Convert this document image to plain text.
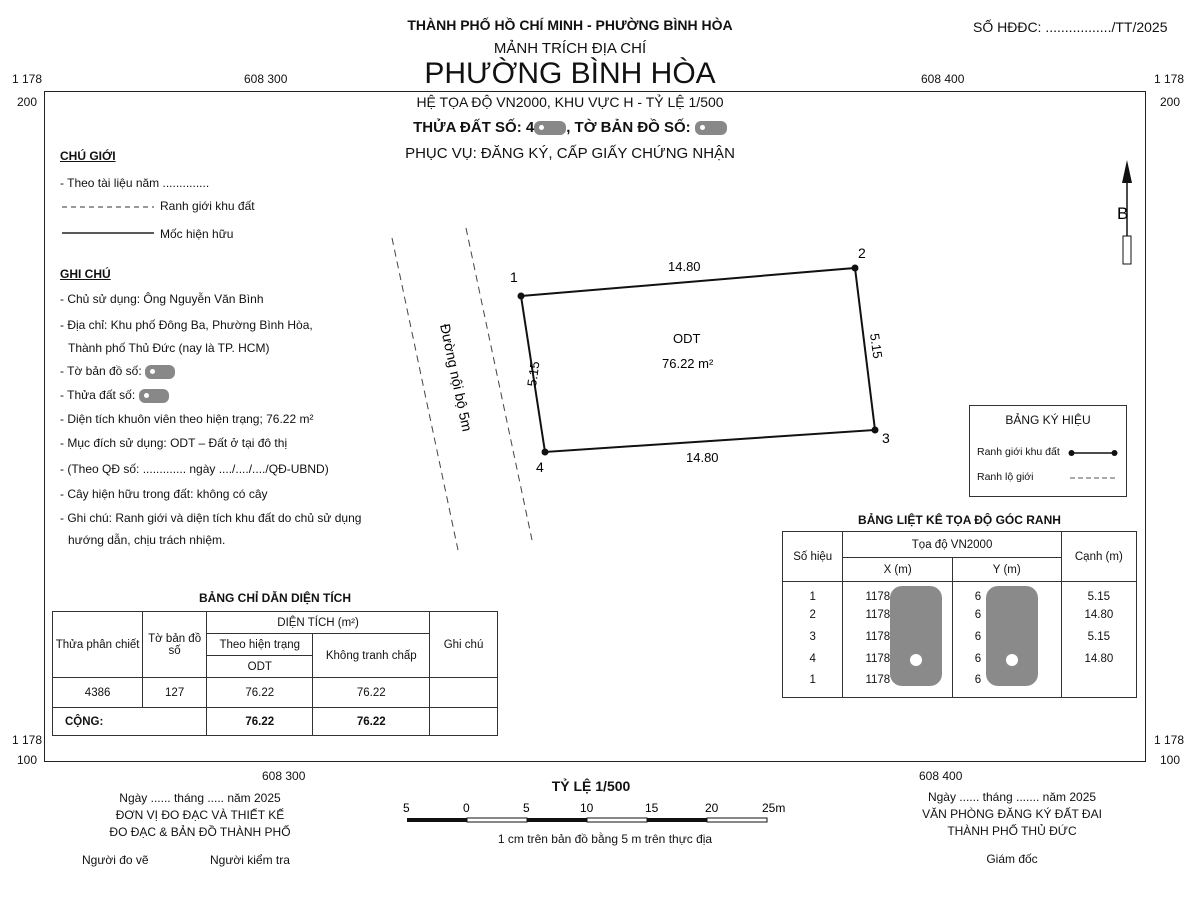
1 178	608 300	608 400	1 178
200	200
1 178	1 178
100	100
608 300	608 400
THÀNH PHỐ HỒ CHÍ MINH - PHƯỜNG BÌNH HÒA
MẢNH TRÍCH ĐỊA CHÍ
PHƯỜNG BÌNH HÒA
HỆ TỌA ĐỘ VN2000, KHU VỰC H - TỶ LỆ 1/500
THỬA ĐẤT SỐ: 4 , TỜ BẢN ĐỒ SỐ:
PHỤC VỤ: ĐĂNG KÝ, CẤP GIẤY CHỨNG NHẬN
SỐ HĐĐC: ................./TT/2025
CHÚ GIỚI
- Theo tài liệu năm ..............
Ranh giới khu đất
Mốc hiện hữu
GHI CHÚ
- Chủ sử dụng: Ông Nguyễn Văn Bình
- Địa chỉ: Khu phố Đông Ba, Phường Bình Hòa,
Thành phố Thủ Đức (nay là TP. HCM)
- Tờ bản đồ số:
- Thửa đất số:
- Diện tích khuôn viên theo hiện trạng; 76.22 m²
- Mục đích sử dụng: ODT – Đất ở tại đô thị
- (Theo QĐ số: ............. ngày ..../..../..../QĐ-UBND)
- Cây hiện hữu trong đất: không có cây
- Ghi chú: Ranh giới và diện tích khu đất do chủ sử dụng
hướng dẫn, chịu trách nhiệm.
1
2
3
4
14.80
5.15
14.80
5.15
ODT
76.22 m²
Đường nội bộ 5m
B
BẢNG KÝ HIỆU
Ranh giới khu đất
Ranh lộ giới
BẢNG LIỆT KÊ TỌA ĐỘ GÓC RANH
Số hiệu	Tọa độ VN2000		Cạnh (m)
	X (m)	Y (m)	
1	1178	6	5.15
2	1178	6	14.80
3	1178	6	5.15
4	1178	6	14.80
1	1178	6	
BẢNG CHỈ DẪN DIỆN TÍCH
Thửa phân chiết	Tờ bản đồ số	DIỆN TÍCH (m²)		Ghi chú
		Theo hiện trạng	Không tranh chấp	
		ODT		
4386	127	76.22	76.22	
CỘNG:		76.22	76.22	
TỶ LỆ 1/500
5	0	5	10	15	20	25m
1 cm trên bản đồ bằng 5 m trên thực địa
Ngày ...... tháng ..... năm 2025
ĐƠN VỊ ĐO ĐẠC VÀ THIẾT KẾ
ĐO ĐẠC & BẢN ĐỒ THÀNH PHỐ
Người đo vẽ	Người kiểm tra
Ngày ...... tháng ....... năm 2025
VĂN PHÒNG ĐĂNG KÝ ĐẤT ĐAI
THÀNH PHỐ THỦ ĐỨC
Giám đốc
